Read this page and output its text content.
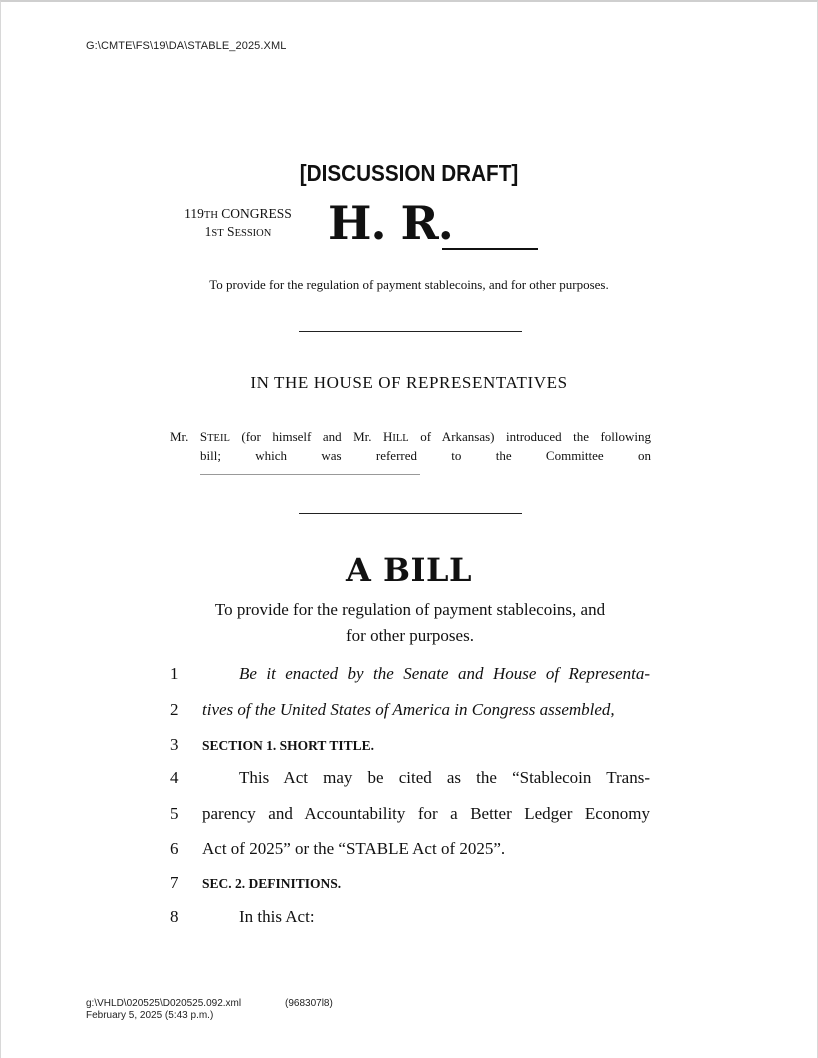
G:\CMTE\FS\19\DA\STABLE_2025.XML
[DISCUSSION DRAFT]
119TH CONGRESS
1ST SESSION	H. R.
To provide for the regulation of payment stablecoins, and for other purposes.
IN THE HOUSE OF REPRESENTATIVES
Mr. STEIL (for himself and Mr. HILL of Arkansas) introduced the following
bill; which was referred to the Committee on
A BILL
To provide for the regulation of payment stablecoins, and
for other purposes.
1	Be it enacted by the Senate and House of Representa-
2	tives of the United States of America in Congress assembled,
3	SECTION 1. SHORT TITLE.
4	This Act may be cited as the “Stablecoin Trans-
5	parency and Accountability for a Better Ledger Economy
6	Act of 2025” or the “STABLE Act of 2025”.
7	SEC. 2. DEFINITIONS.
8	In this Act:
g:\VHLD\020525\D020525.092.xml
February 5, 2025 (5:43 p.m.)
(968307l8)
